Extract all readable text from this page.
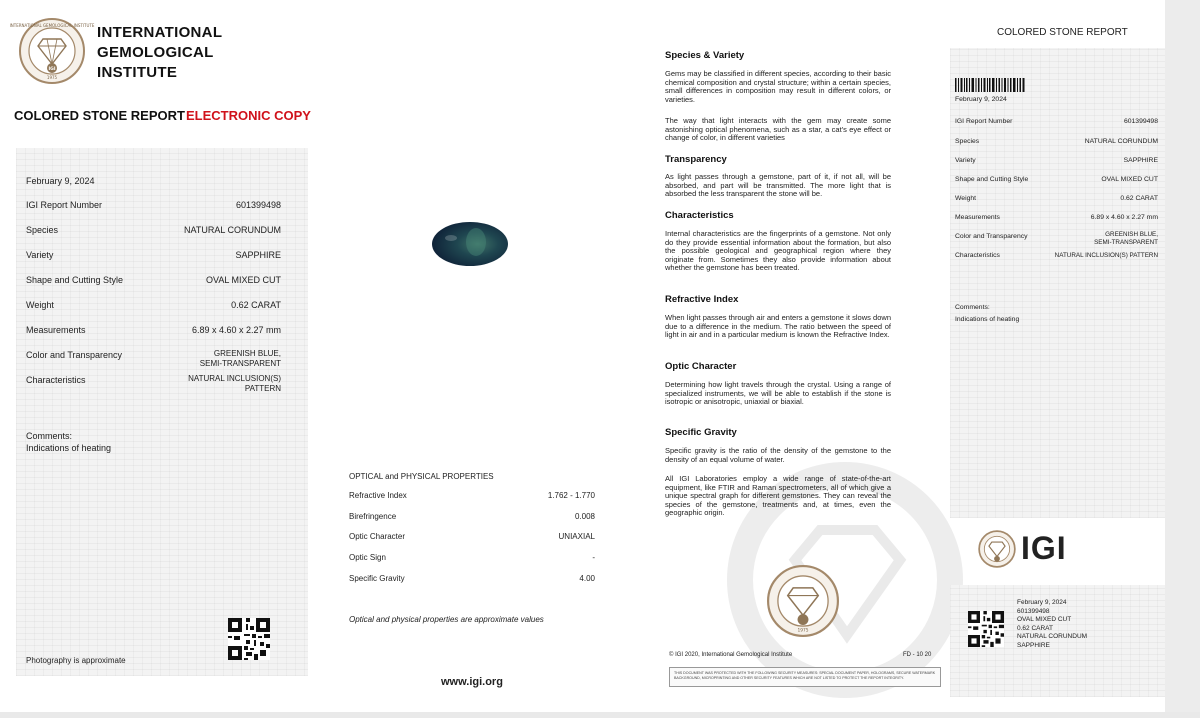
INTERNATIONAL GEMOLOGICAL INSTITUTE
1975
IGI
INTERNATIONAL
GEMOLOGICAL
INSTITUTE
COLORED STONE REPORT ELECTRONIC COPY
February 9, 2024
IGI Report Number	601399498
Species	NATURAL CORUNDUM
Variety	SAPPHIRE
Shape and Cutting Style	OVAL MIXED CUT
Weight	0.62 CARAT
Measurements	6.89 x 4.60 x 2.27 mm
Color and Transparency	GREENISH BLUE,
SEMI-TRANSPARENT
Characteristics	NATURAL INCLUSION(S)
PATTERN
Comments:
Indications of heating
Photography is approximate
OPTICAL and PHYSICAL PROPERTIES
Refractive Index	1.762 - 1.770
Birefringence	0.008
Optic Character	UNIAXIAL
Optic Sign	-
Specific Gravity	4.00
Optical and physical properties are approximate values
www.igi.org
Species & Variety
Gems may be classified in different species, according to their basic chemical composition and crystal structure; within a certain species, small differences in composition may result in different colors, or varieties.
The way that light interacts with the gem may create some astonishing optical phenomena, such as a star, a cat's eye effect or change of color, in different varieties
Transparency
As light passes through a gemstone, part of it, if not all, will be absorbed, and part will be transmitted. The more light that is absorbed the less transparent the stone will be.
Characteristics
Internal characteristics are the fingerprints of a gemstone. Not only do they provide essential information about the formation, but also the possible geological and geographical region where they originate from. Sometimes they also provide information about whether the gemstone has been treated.
Refractive Index
When light passes through air and enters a gemstone it slows down due to a difference in the medium. The ratio between the speed of light in air and in a particular medium is known the Refractive Index.
Optic Character
Determining how light travels through the crystal. Using a range of specialized instruments, we will be able to establish if the stone is isotropic or anisotropic, uniaxial or biaxial.
Specific Gravity
Specific gravity is the ratio of the density of the gemstone to the density of an equal volume of water.
All IGI Laboratories employ a wide range of state-of-the-art equipment, like FTIR and Raman spectrometers, all of which give a unique spectral graph for different gemstones. They can reveal the species of the gemstone, treatments and, at times, even the geographic origin.
1975
© IGI 2020, International Gemological Institute	FD - 10 20
THIS DOCUMENT WAS PROTECTED WITH THE FOLLOWING SECURITY MEASURES: SPECIAL DOCUMENT PAPER, HOLOGRAMS, SECURE WATERMARK BACKGROUND, MICROPRINTING AND OTHER SECURITY FEATURES WHICH ARE NOT LISTED TO PROTECT THE REPORT INTEGRITY.
COLORED STONE REPORT
February 9, 2024
IGI Report Number	601399498
Species	NATURAL CORUNDUM
Variety	SAPPHIRE
Shape and Cutting Style	OVAL MIXED CUT
Weight	0.62 CARAT
Measurements	6.89 x 4.60 x 2.27 mm
Color and Transparency	GREENISH BLUE,
SEMI-TRANSPARENT
Characteristics	NATURAL INCLUSION(S) PATTERN
Comments:
Indications of heating
IGI
February 9, 2024
601399498
OVAL MIXED CUT
0.62 CARAT
NATURAL CORUNDUM
SAPPHIRE
